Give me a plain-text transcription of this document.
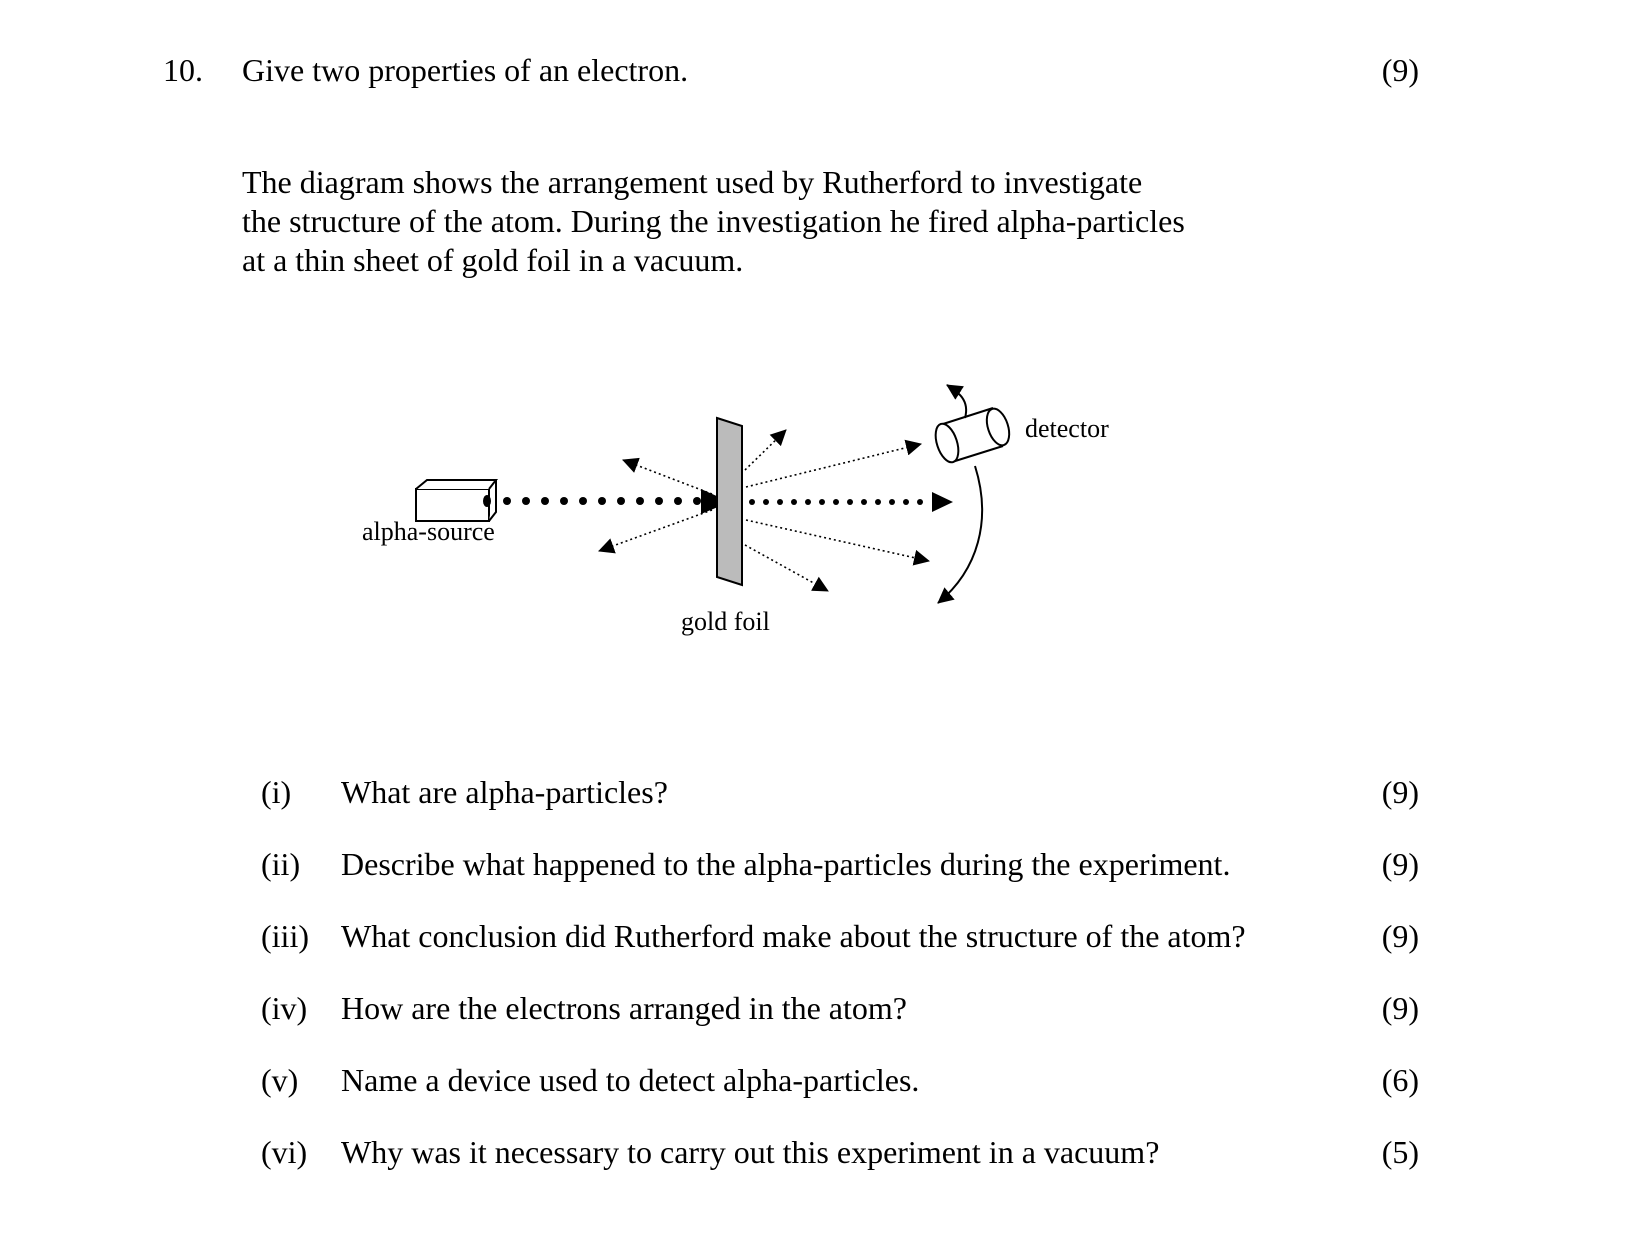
10. Give two properties of an electron.	(9)
The diagram shows the arrangement used by Rutherford to investigate
the structure of the atom. During the investigation he fired alpha-particles
at a thin sheet of gold foil in a vacuum.
alpha-source
gold foil
detector
(i) What are alpha-particles?	(9)
(ii) Describe what happened to the alpha-particles during the experiment.	(9)
(iii) What conclusion did Rutherford make about the structure of the atom?	(9)
(iv) How are the electrons arranged in the atom?	(9)
(v) Name a device used to detect alpha-particles.	(6)
(vi) Why was it necessary to carry out this experiment in a vacuum?	(5)
